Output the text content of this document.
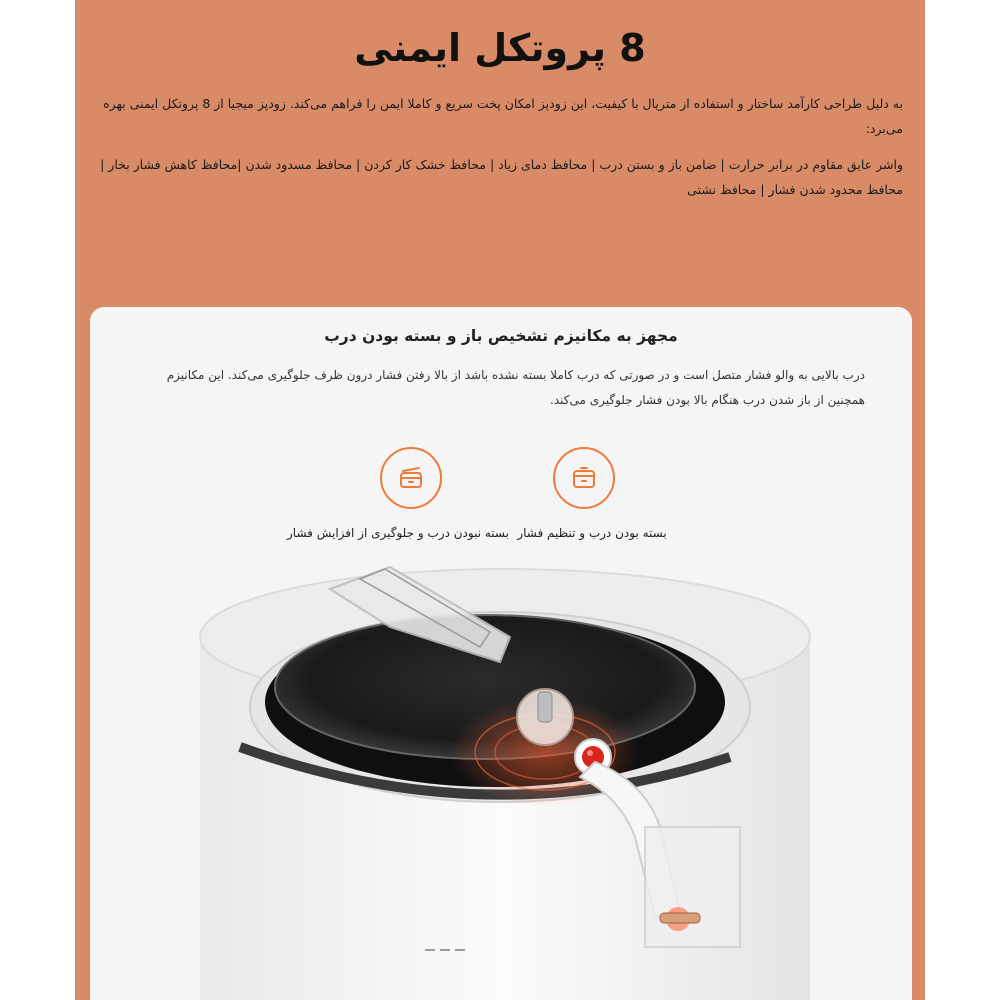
8 پروتکل ایمنی

به دلیل طراحی کارآمد ساختار و استفاده از متریال با کیفیت، این زودپز امکان پخت سریع و کاملا ایمن را فراهم می‌کند. زودپز میجیا از 8 پروتکل ایمنی بهره می‌برد:

واشر عایق مقاوم در برابر حرارت | ضامن باز و بستن درب | محافظ دمای زیاد | محافظ خشک کار کردن | محافظ مسدود شدن |محافظ کاهش فشار بخار | محافظ محدود شدن فشار | محافظ نشتی

مجهز به مکانیزم تشخیص باز و بسته بودن درب

درب بالایی به والو فشار متصل است و در صورتی که درب کاملا بسته نشده باشد از بالا رفتن فشار درون ظرف جلوگیری می‌کند. این مکانیزم همچنین از باز شدن درب هنگام بالا بودن فشار جلوگیری می‌کند.

بسته بودن درب و تنظیم فشار
بسته نبودن درب و جلوگیری از افزایش فشار
